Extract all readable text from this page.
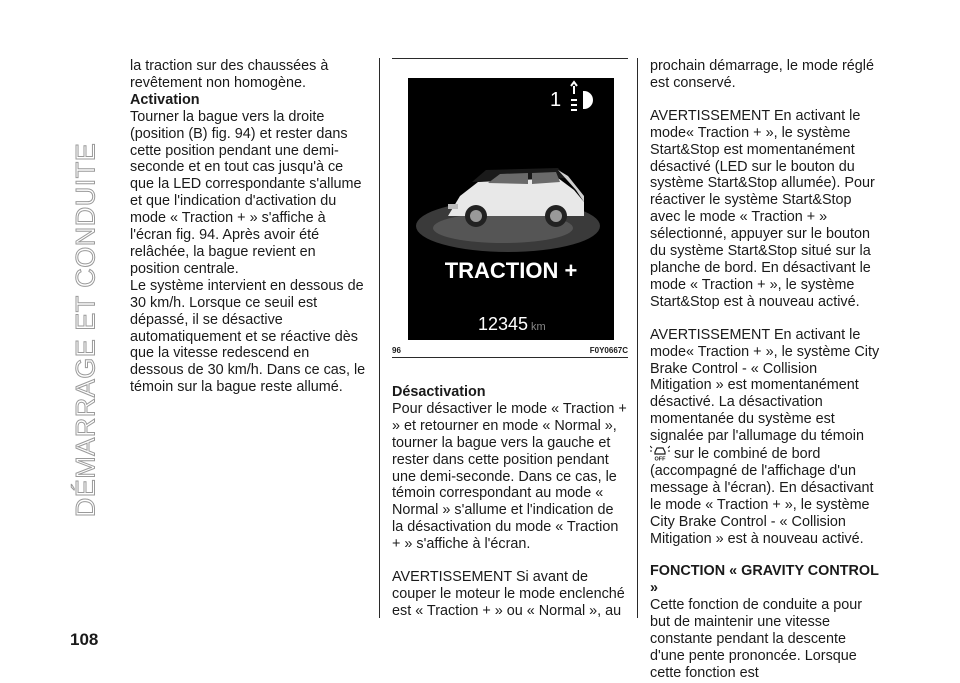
DÉMARRAGE ET CONDUITE
108

la traction sur des chaussées à revêtement non homogène.

Activation

Tourner la bague vers la droite (position (B) fig. 94) et rester dans cette position pendant une demi-seconde et en tout cas jusqu'à ce que la LED correspondante s'allume et que l'indication d'activation du mode « Traction + » s'affiche à l'écran fig. 94. Après avoir été relâchée, la bague revient en position centrale.

Le système intervient en dessous de 30 km/h. Lorsque ce seuil est dépassé, il se désactive automatiquement et se réactive dès que la vitesse redescend en dessous de 30 km/h. Dans ce cas, le témoin sur la bague reste allumé.

1
TRACTION +
12345 km
96	F0Y0667C

Désactivation

Pour désactiver le mode « Traction + » et retourner en mode « Normal », tourner la bague vers la gauche et rester dans cette position pendant une demi-seconde. Dans ce cas, le témoin correspondant au mode « Normal » s'allume et l'indication de la désactivation du mode « Traction + » s'affiche à l'écran.

AVERTISSEMENT Si avant de couper le moteur le mode enclenché est « Traction + » ou « Normal », au

prochain démarrage, le mode réglé est conservé.

AVERTISSEMENT En activant le mode« Traction + », le système Start&Stop est momentanément désactivé (LED sur le bouton du système Start&Stop allumée). Pour réactiver le système Start&Stop avec le mode « Traction + » sélectionné, appuyer sur le bouton du système Start&Stop situé sur la planche de bord. En désactivant le mode « Traction + », le système Start&Stop est à nouveau activé.

AVERTISSEMENT En activant le mode« Traction + », le système City Brake Control - « Collision Mitigation » est momentanément désactivé. La désactivation momentanée du système est signalée par l'allumage du témoin
OFF sur le combiné de bord (accompagné de l'affichage d'un message à l'écran). En désactivant le mode « Traction + », le système City Brake Control - « Collision Mitigation » est à nouveau activé.

FONCTION « GRAVITY CONTROL »

Cette fonction de conduite a pour but de maintenir une vitesse constante pendant la descente d'une pente prononcée. Lorsque cette fonction est
